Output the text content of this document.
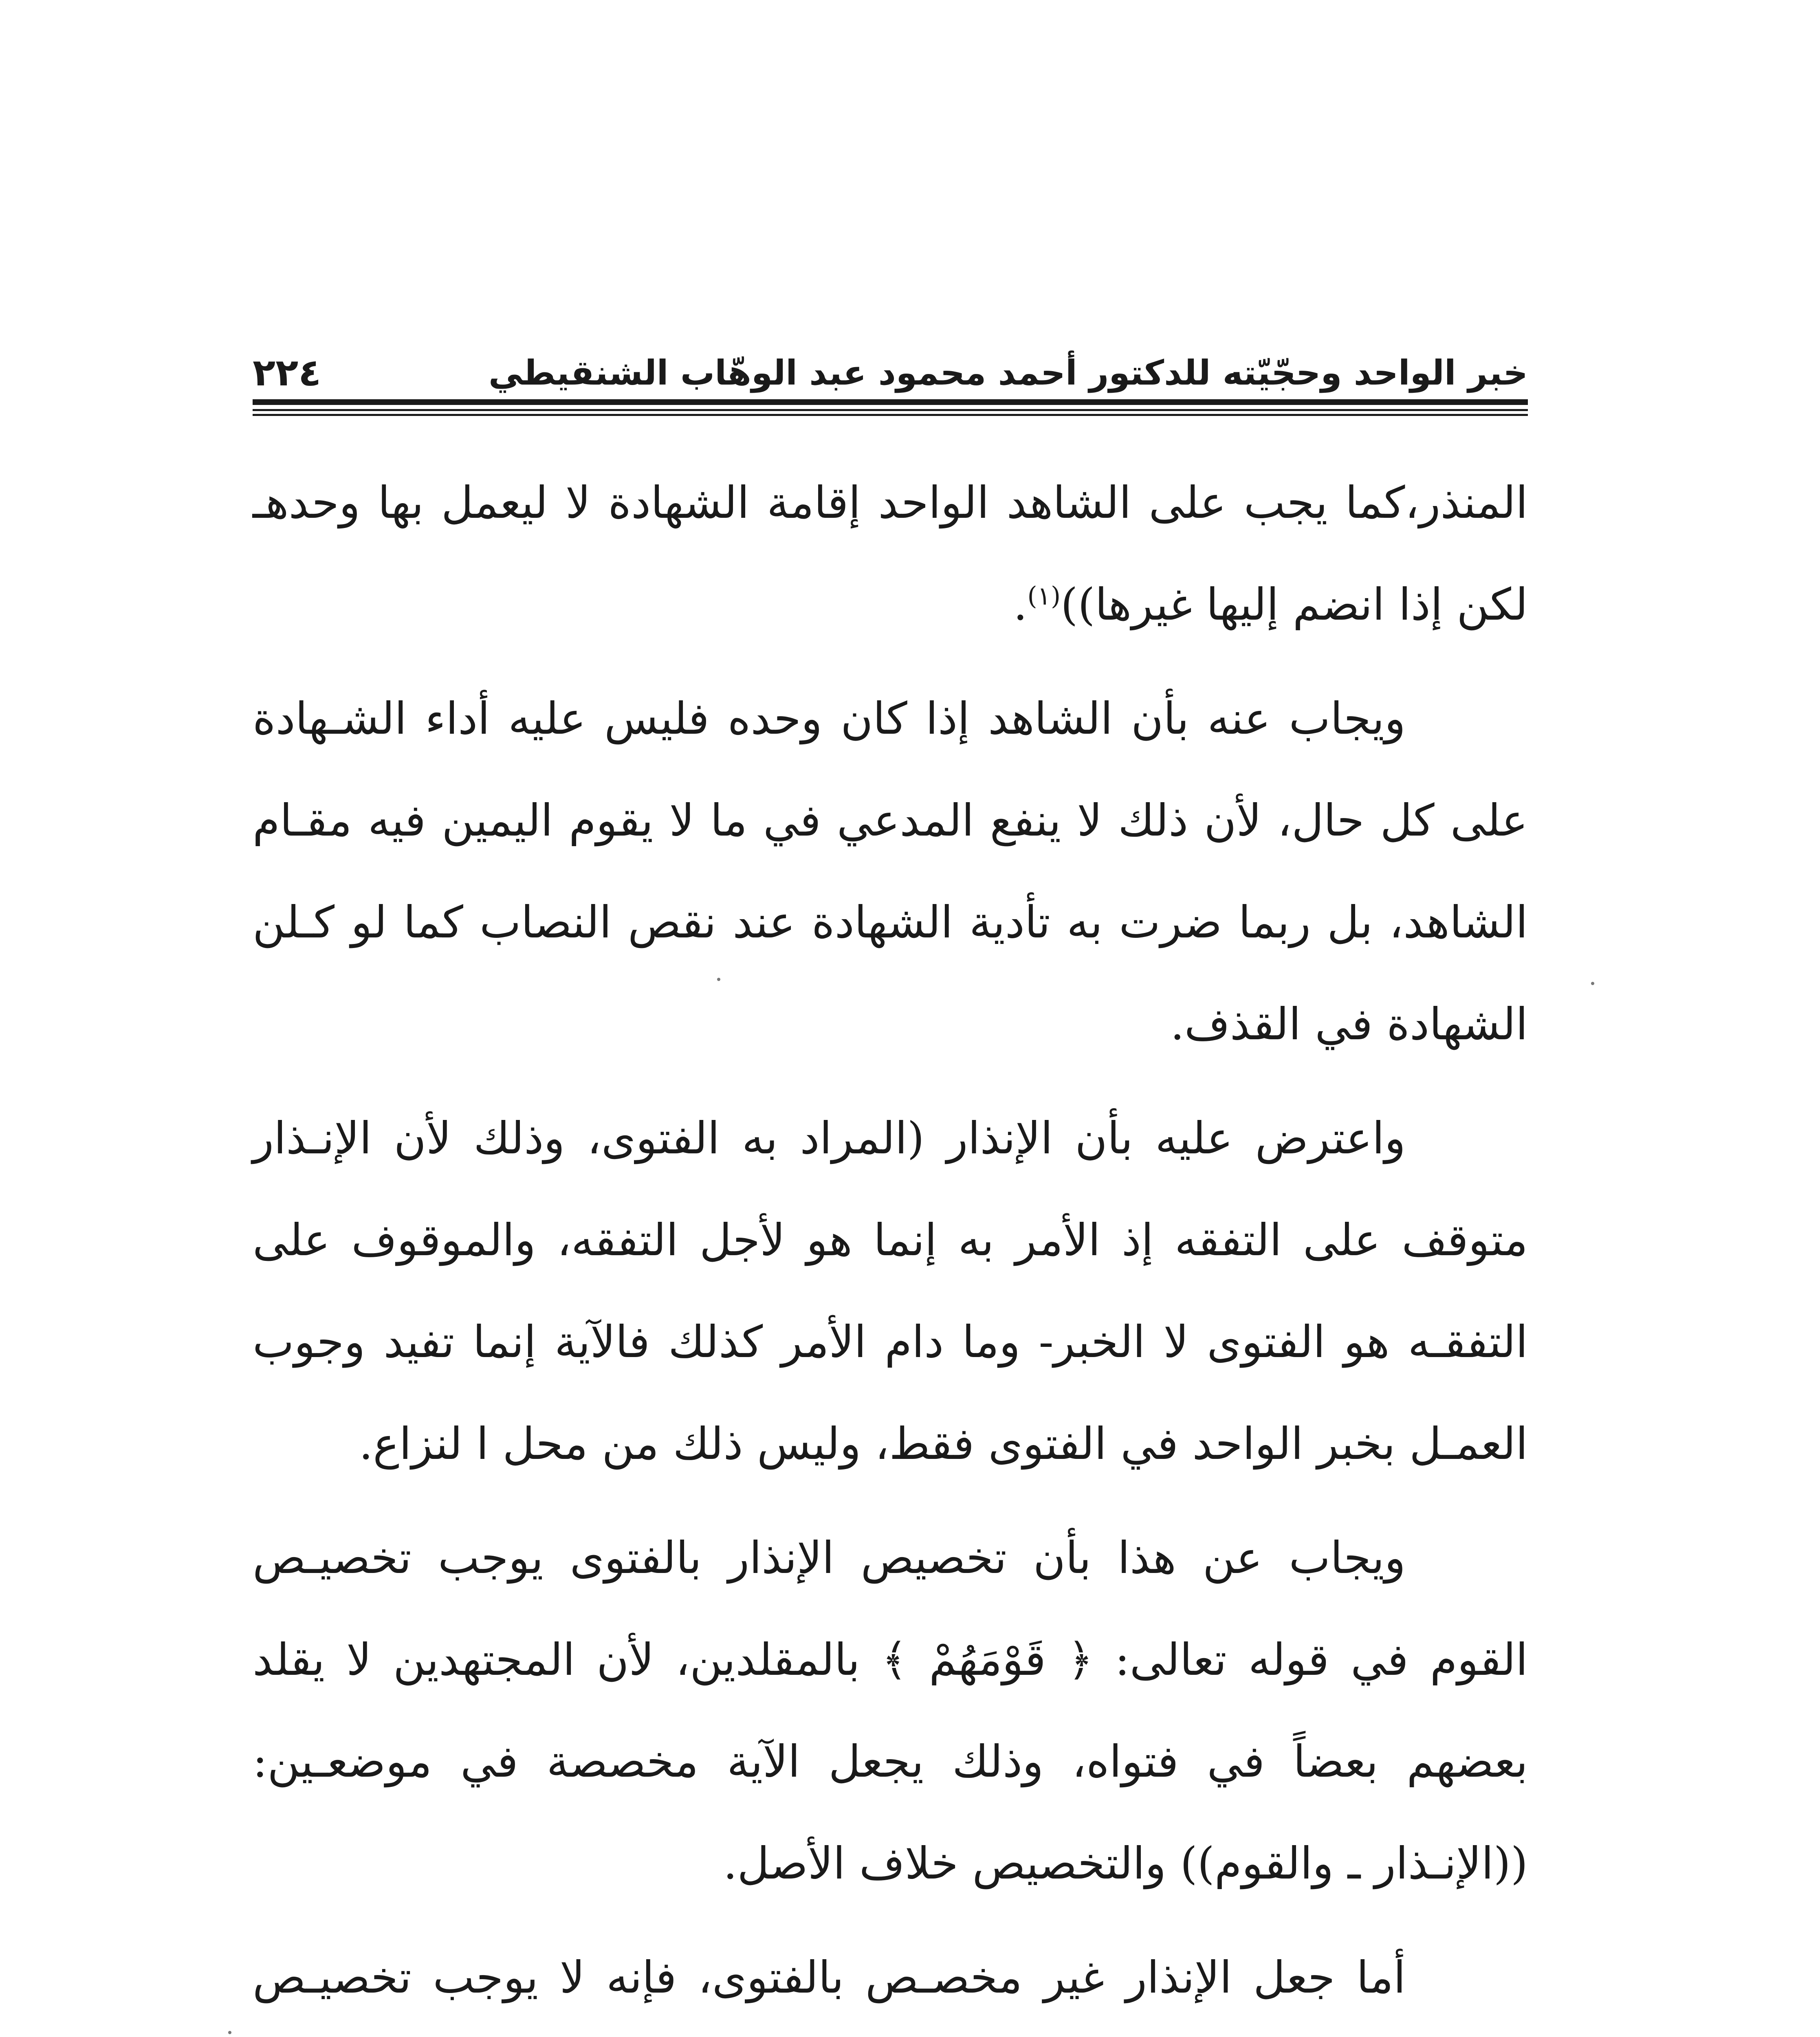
خبر الواحد وحجّيّته للدكتور أحمد محمود عبد الوهّاب الشنقيطي
٢٢٤

المنذر،كما يجب على الشاهد الواحد إقامة الشهادة لا ليعمل بها وحدهـ لكن إذا انضم إليها غيرها))$^{(١)}$.

ويجاب عنه بأن الشاهد إذا كان وحده فليس عليه أداء الشـهادة على كل حال، لأن ذلك لا ينفع المدعي في ما لا يقوم اليمين فيه مقـام الشاهد، بل ربما ضرت به تأدية الشهادة عند نقص النصاب كما لو كـلن الشهادة في القذف.

واعترض عليه بأن الإنذار (المراد به الفتوى، وذلك لأن الإنـذار متوقف على التفقه إذ الأمر به إنما هو لأجل التفقه، والموقوف على التفقـه هو الفتوى لا الخبر- وما دام الأمر كذلك فالآية إنما تفيد وجوب العمـل بخبر الواحد في الفتوى فقط، وليس ذلك من محل ا لنزاع.

ويجاب عن هذا بأن تخصيص الإنذار بالفتوى يوجب تخصيـص القوم في قوله تعالى: ﴿ قَوْمَهُمْ ﴾ بالمقلدين، لأن المجتهدين لا يقلد بعضهم بعضاً في فتواه، وذلك يجعل الآية مخصصة في موضعـين: ((الإنـذار ـ والقوم)) والتخصيص خلاف الأصل.

أما جعل الإنذار غير مخصـص بالفتوى، فإنه لا يوجب تخصيـص
